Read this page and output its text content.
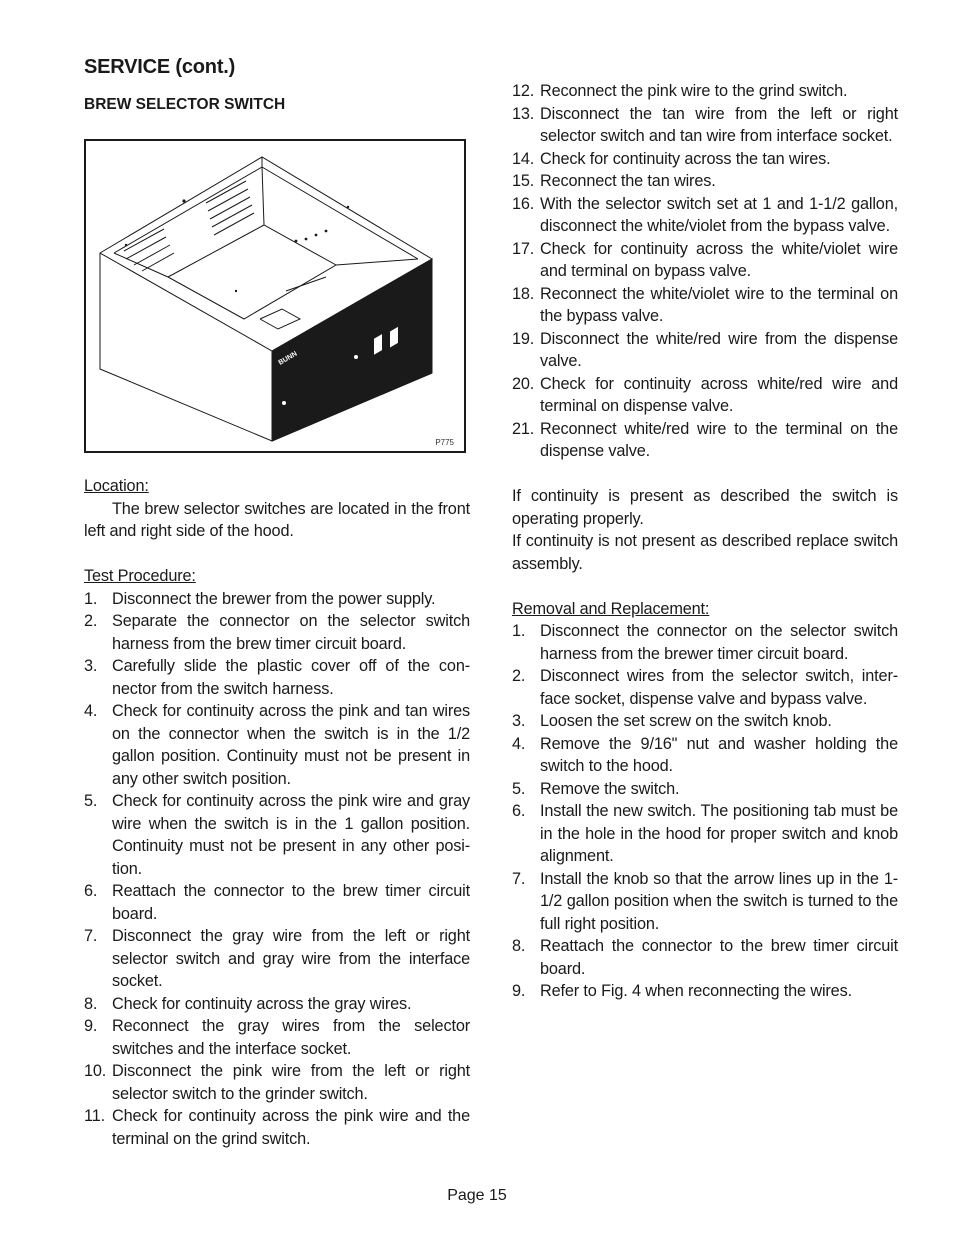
SERVICE (cont.)
BREW SELECTOR SWITCH
BUNN
P775
Location:
The brew selector switches are located in the front left and right side of the hood.
Test Procedure:
1. Disconnect the brewer from the power supply.
2. Separate the connector on the selector switch harness from the brew timer circuit board.
3. Carefully slide the plastic cover off of the con-nector from the switch harness.
4. Check for continuity across the pink and tan wires on the connector when the switch is in the 1/2 gallon position. Continuity must not be present in any other switch position.
5. Check for continuity across the pink wire and gray wire when the switch is in the 1 gallon position. Continuity must not be present in any other posi-tion.
6. Reattach the connector to the brew timer circuit board.
7. Disconnect the gray wire from the left or right selector switch and gray wire from the interface socket.
8. Check for continuity across the gray wires.
9. Reconnect the gray wires from the selector switches and the interface socket.
10. Disconnect the pink wire from the left or right selector switch to the grinder switch.
11. Check for continuity across the pink wire and the terminal on the grind switch.
12. Reconnect the pink wire to the grind switch.
13. Disconnect the tan wire from the left or right selector switch and tan wire from interface socket.
14. Check for continuity across the tan wires.
15. Reconnect the tan wires.
16. With the selector switch set at 1 and 1-1/2 gallon, disconnect the white/violet from the bypass valve.
17. Check for continuity across the white/violet wire and terminal on bypass valve.
18. Reconnect the white/violet wire to the terminal on the bypass valve.
19. Disconnect the white/red wire from the dispense valve.
20. Check for continuity across white/red wire and terminal on dispense valve.
21. Reconnect white/red wire to the terminal on the dispense valve.
If continuity is present as described the switch is operating properly.
If continuity is not present as described replace switch assembly.
Removal and Replacement:
1. Disconnect the connector on the selector switch harness from the brewer timer circuit board.
2. Disconnect wires from the selector switch, inter-face socket, dispense valve and bypass valve.
3. Loosen the set screw on the switch knob.
4. Remove the 9/16" nut and washer holding the switch to the hood.
5. Remove the switch.
6. Install the new switch. The positioning tab must be in the hole in the hood for proper switch and knob alignment.
7. Install the knob so that the arrow lines up in the 1-1/2 gallon position when the switch is turned to the full right position.
8. Reattach the connector to the brew timer circuit board.
9. Refer to Fig. 4 when reconnecting the wires.
Page 15
